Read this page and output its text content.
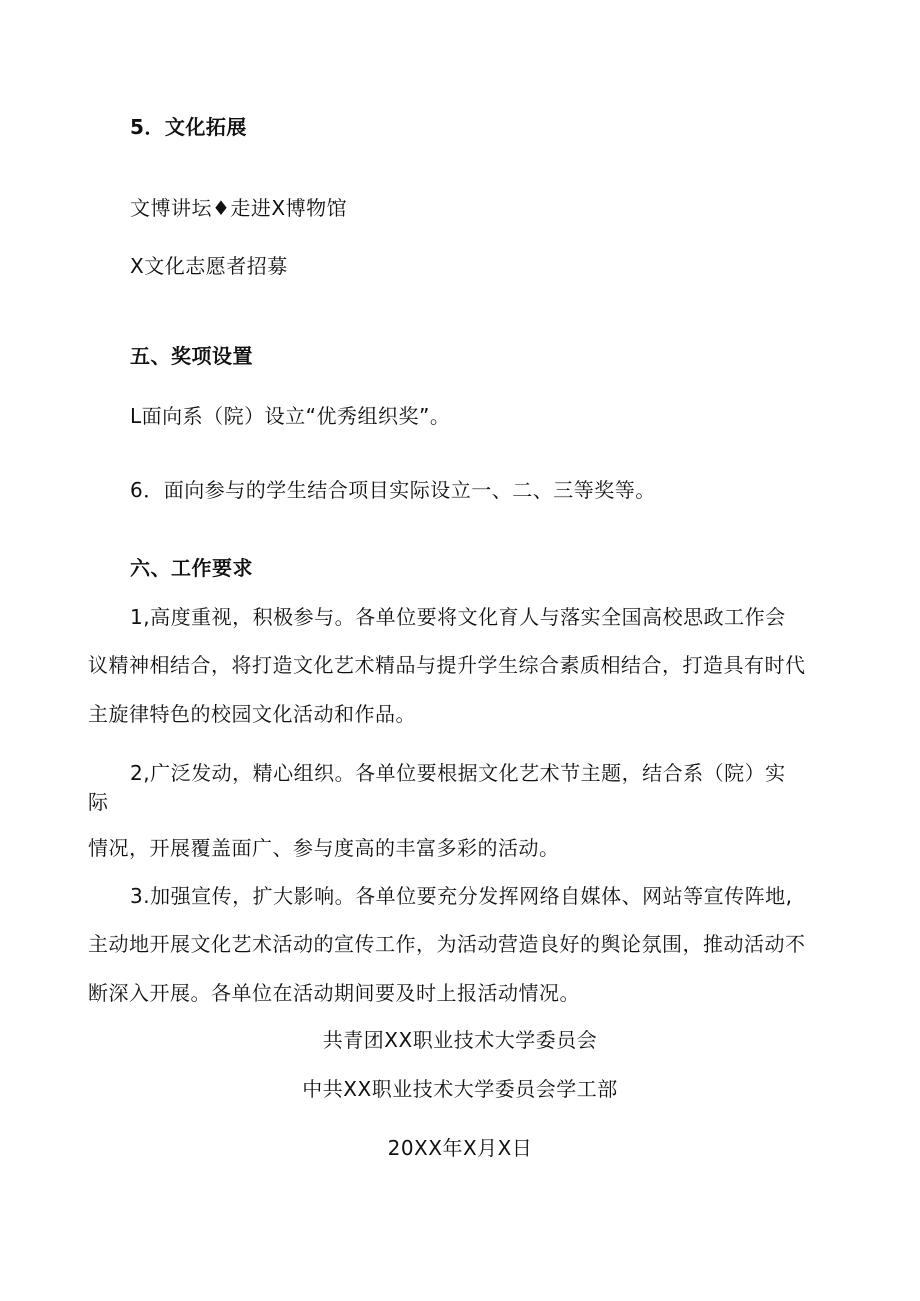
5．文化拓展
文博讲坛♦走进X博物馆
X文化志愿者招募
五、奖项设置
L面向系（院）设立“优秀组织奖”。
6．面向参与的学生结合项目实际设立一、二、三等奖等。
六、工作要求
1,高度重视，积极参与。各单位要将文化育人与落实全国高校思政工作会
议精神相结合，将打造文化艺术精品与提升学生综合素质相结合，打造具有时代
主旋律特色的校园文化活动和作品。
2,广泛发动，精心组织。各单位要根据文化艺术节主题，结合系（院）实
际
情况，开展覆盖面广、参与度高的丰富多彩的活动。
3.加强宣传，扩大影响。各单位要充分发挥网络自媒体、网站等宣传阵地,
主动地开展文化艺术活动的宣传工作，为活动营造良好的舆论氛围，推动活动不
断深入开展。各单位在活动期间要及时上报活动情况。
共青团XX职业技术大学委员会
中共XX职业技术大学委员会学工部
20XX年X月X日
